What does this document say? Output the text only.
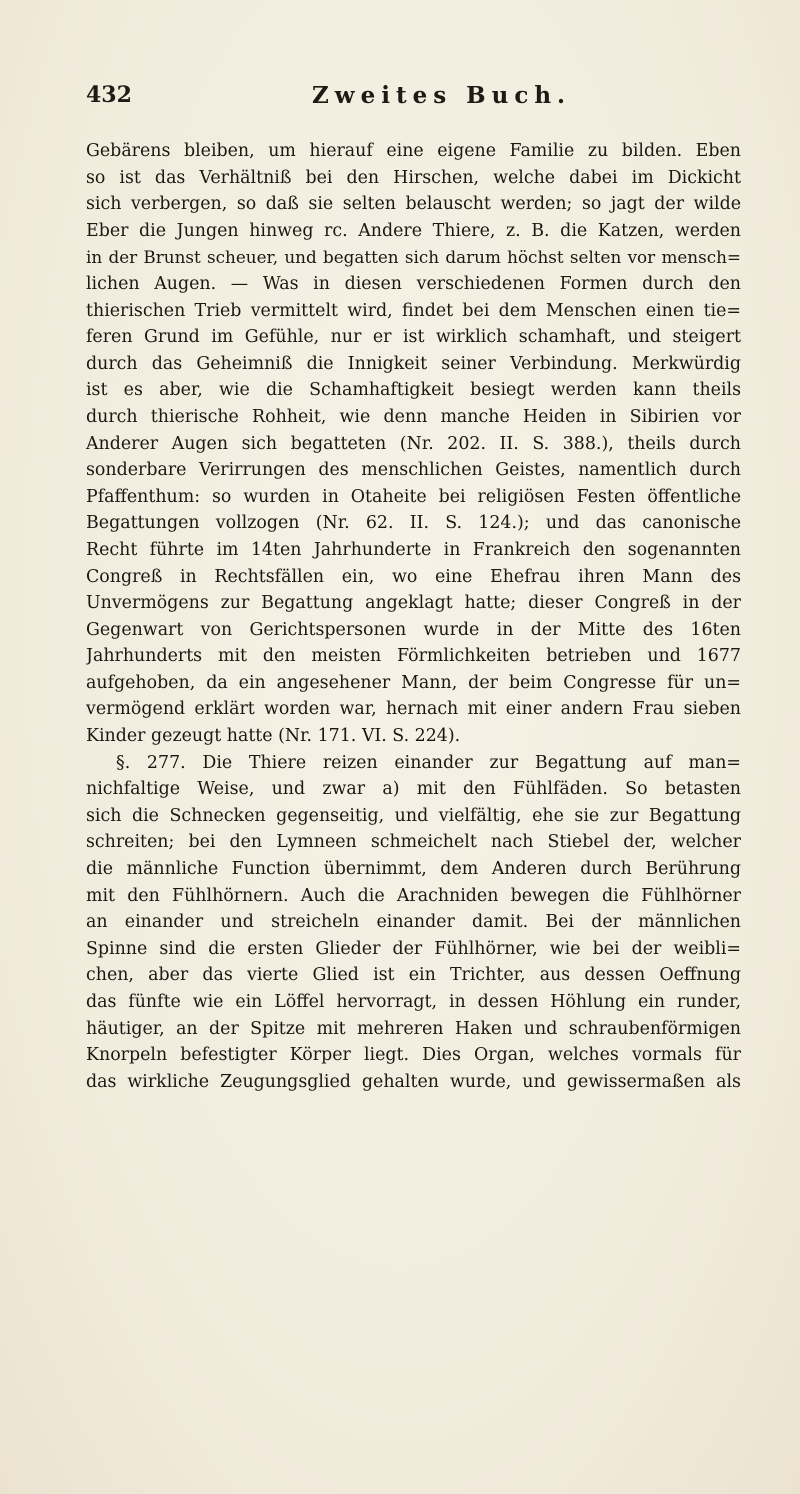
432	Zweites Buch.
Gebärens bleiben, um hierauf eine eigene Familie zu bilden. Eben
so ist das Verhältniß bei den Hirschen, welche dabei im Dickicht
sich verbergen, so daß sie selten belauscht werden; so jagt der wilde
Eber die Jungen hinweg rc. Andere Thiere, z. B. die Katzen, werden
in der Brunst scheuer, und begatten sich darum höchst selten vor mensch=
lichen Augen. — Was in diesen verschiedenen Formen durch den
thierischen Trieb vermittelt wird, findet bei dem Menschen einen tie=
feren Grund im Gefühle, nur er ist wirklich schamhaft, und steigert
durch das Geheimniß die Innigkeit seiner Verbindung. Merkwürdig
ist es aber, wie die Schamhaftigkeit besiegt werden kann theils
durch thierische Rohheit, wie denn manche Heiden in Sibirien vor
Anderer Augen sich begatteten (Nr. 202. II. S. 388.), theils durch
sonderbare Verirrungen des menschlichen Geistes, namentlich durch
Pfaffenthum: so wurden in Otaheite bei religiösen Festen öffentliche
Begattungen vollzogen (Nr. 62. II. S. 124.); und das canonische
Recht führte im 14ten Jahrhunderte in Frankreich den sogenannten
Congreß in Rechtsfällen ein, wo eine Ehefrau ihren Mann des
Unvermögens zur Begattung angeklagt hatte; dieser Congreß in der
Gegenwart von Gerichtspersonen wurde in der Mitte des 16ten
Jahrhunderts mit den meisten Förmlichkeiten betrieben und 1677
aufgehoben, da ein angesehener Mann, der beim Congresse für un=
vermögend erklärt worden war, hernach mit einer andern Frau sieben
Kinder gezeugt hatte (Nr. 171. VI. S. 224).
§. 277. Die Thiere reizen einander zur Begattung auf man=
nichfaltige Weise, und zwar a) mit den Fühlfäden. So betasten
sich die Schnecken gegenseitig, und vielfältig, ehe sie zur Begattung
schreiten; bei den Lymneen schmeichelt nach Stiebel der, welcher
die männliche Function übernimmt, dem Anderen durch Berührung
mit den Fühlhörnern. Auch die Arachniden bewegen die Fühlhörner
an einander und streicheln einander damit. Bei der männlichen
Spinne sind die ersten Glieder der Fühlhörner, wie bei der weibli=
chen, aber das vierte Glied ist ein Trichter, aus dessen Oeffnung
das fünfte wie ein Löffel hervorragt, in dessen Höhlung ein runder,
häutiger, an der Spitze mit mehreren Haken und schraubenförmigen
Knorpeln befestigter Körper liegt. Dies Organ, welches vormals für
das wirkliche Zeugungsglied gehalten wurde, und gewissermaßen als
